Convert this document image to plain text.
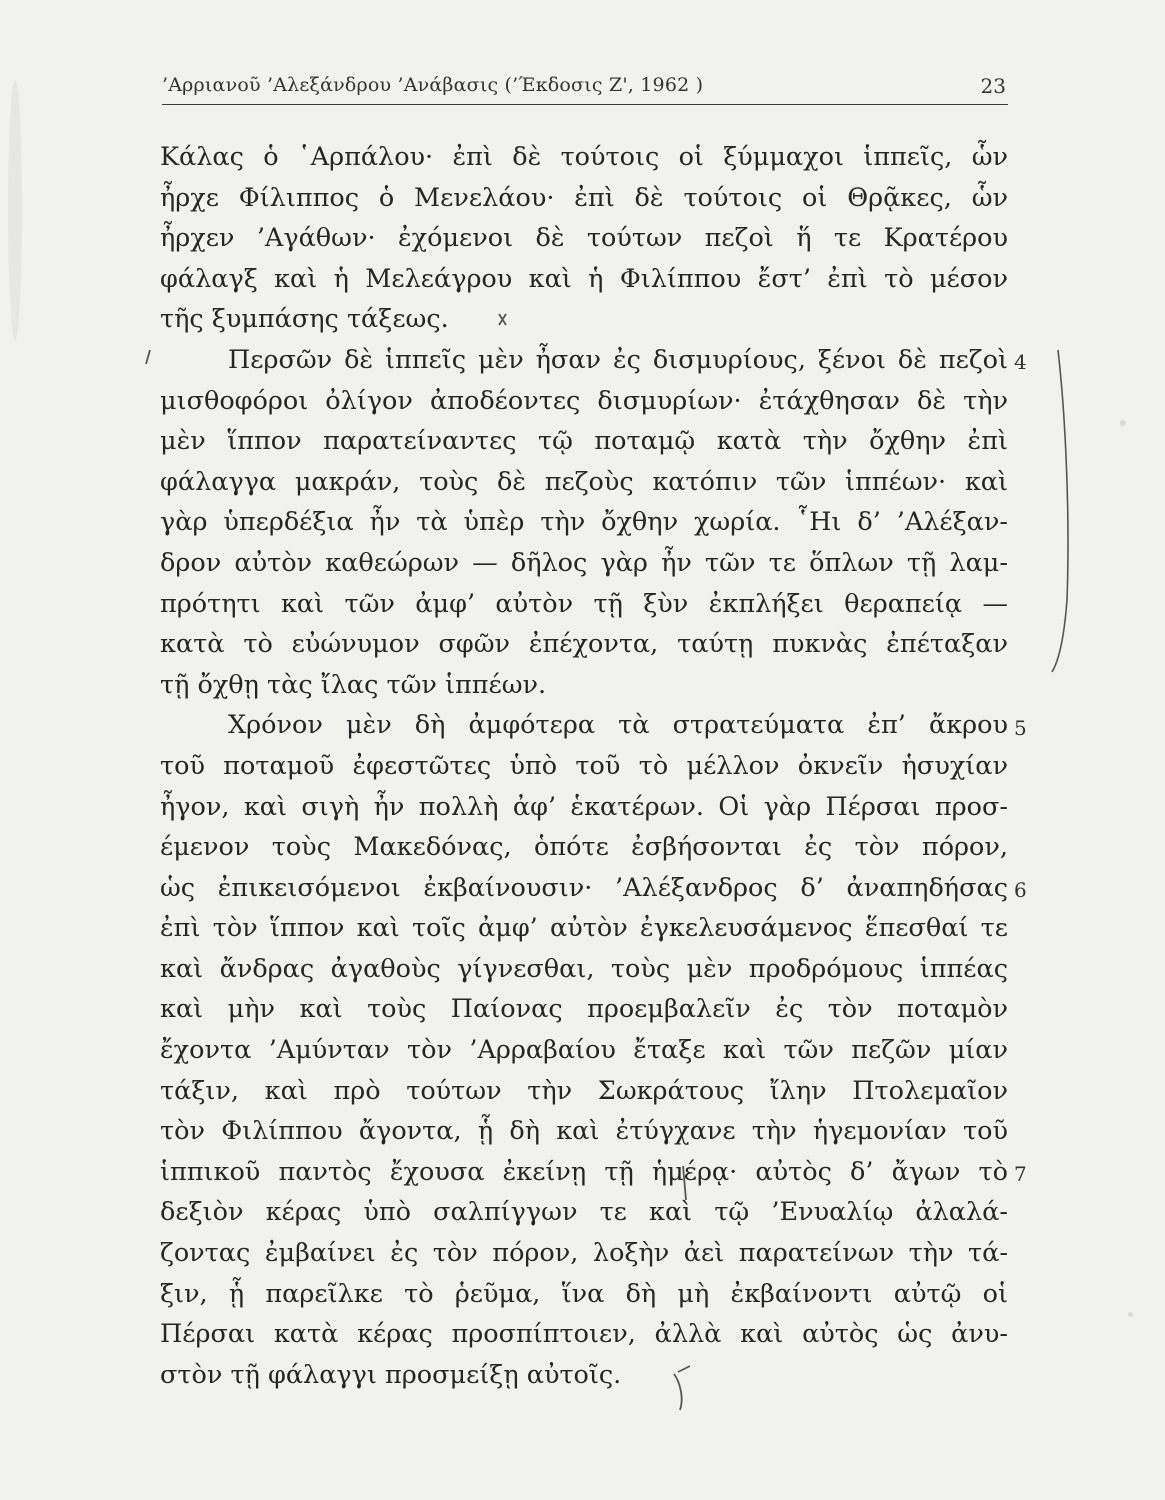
’Αρριανοῦ ’Αλεξάνδρου ’Ανάβασις (’Έκδοσις Ζ', 1962 )	23
Κάλας ὁ ῾Αρπάλου· ἐπὶ δὲ τούτοις οἱ ξύμμαχοι ἱππεῖς, ὧν
ἦρχε Φίλιππος ὁ Μενελάου· ἐπὶ δὲ τούτοις οἱ Θρᾷκες, ὧν
ἦρχεν ’Αγάθων· ἐχόμενοι δὲ τούτων πεζοὶ ἥ τε Κρατέρου
φάλαγξ καὶ ἡ Μελεάγρου καὶ ἡ Φιλίππου ἔστ’ ἐπὶ τὸ μέσον
τῆς ξυμπάσης τάξεως.
Περσῶν δὲ ἱππεῖς μὲν ἦσαν ἐς δισμυρίους, ξένοι δὲ πεζοὶ
μισθοφόροι ὀλίγον ἀποδέοντες δισμυρίων· ἐτάχθησαν δὲ τὴν
μὲν ἵππον παρατείναντες τῷ ποταμῷ κατὰ τὴν ὄχθην ἐπὶ
φάλαγγα μακράν, τοὺς δὲ πεζοὺς κατόπιν τῶν ἱππέων· καὶ
γὰρ ὑπερδέξια ἦν τὰ ὑπὲρ τὴν ὄχθην χωρία. ῟Ηι δ’ ’Αλέξαν-
δρον αὐτὸν καθεώρων — δῆλος γὰρ ἦν τῶν τε ὅπλων τῇ λαμ-
πρότητι καὶ τῶν ἀμφ’ αὐτὸν τῇ ξὺν ἐκπλήξει θεραπείᾳ —
κατὰ τὸ εὐώνυμον σφῶν ἐπέχοντα, ταύτῃ πυκνὰς ἐπέταξαν
τῇ ὄχθῃ τὰς ἴλας τῶν ἱππέων.
Χρόνον μὲν δὴ ἀμφότερα τὰ στρατεύματα ἐπ’ ἄκρου
τοῦ ποταμοῦ ἐφεστῶτες ὑπὸ τοῦ τὸ μέλλον ὀκνεῖν ἡσυχίαν
ἦγον, καὶ σιγὴ ἦν πολλὴ ἀφ’ ἑκατέρων. Οἱ γὰρ Πέρσαι προσ-
έμενον τοὺς Μακεδόνας, ὁπότε ἐσβήσονται ἐς τὸν πόρον,
ὡς ἐπικεισόμενοι ἐκβαίνουσιν· ’Αλέξανδρος δ’ ἀναπηδήσας
ἐπὶ τὸν ἵππον καὶ τοῖς ἀμφ’ αὐτὸν ἐγκελευσάμενος ἕπεσθαί τε
καὶ ἄνδρας ἀγαθοὺς γίγνεσθαι, τοὺς μὲν προδρόμους ἱππέας
καὶ μὴν καὶ τοὺς Παίονας προεμβαλεῖν ἐς τὸν ποταμὸν
ἔχοντα ’Αμύνταν τὸν ’Αρραβαίου ἔταξε καὶ τῶν πεζῶν μίαν
τάξιν, καὶ πρὸ τούτων τὴν Σωκράτους ἴλην Πτολεμαῖον
τὸν Φιλίππου ἄγοντα, ᾗ δὴ καὶ ἐτύγχανε τὴν ἡγεμονίαν τοῦ
ἱππικοῦ παντὸς ἔχουσα ἐκείνῃ τῇ ἡμέρᾳ· αὐτὸς δ’ ἄγων τὸ
δεξιὸν κέρας ὑπὸ σαλπίγγων τε καὶ τῷ ’Ενυαλίῳ ἀλαλά-
ζοντας ἐμβαίνει ἐς τὸν πόρον, λοξὴν ἀεὶ παρατείνων τὴν τά-
ξιν, ᾗ παρεῖλκε τὸ ῥεῦμα, ἵνα δὴ μὴ ἐκβαίνοντι αὐτῷ οἱ
Πέρσαι κατὰ κέρας προσπίπτοιεν, ἀλλὰ καὶ αὐτὸς ὡς ἀνυ-
στὸν τῇ φάλαγγι προσμείξῃ αὐτοῖς.
4
5
6
7
